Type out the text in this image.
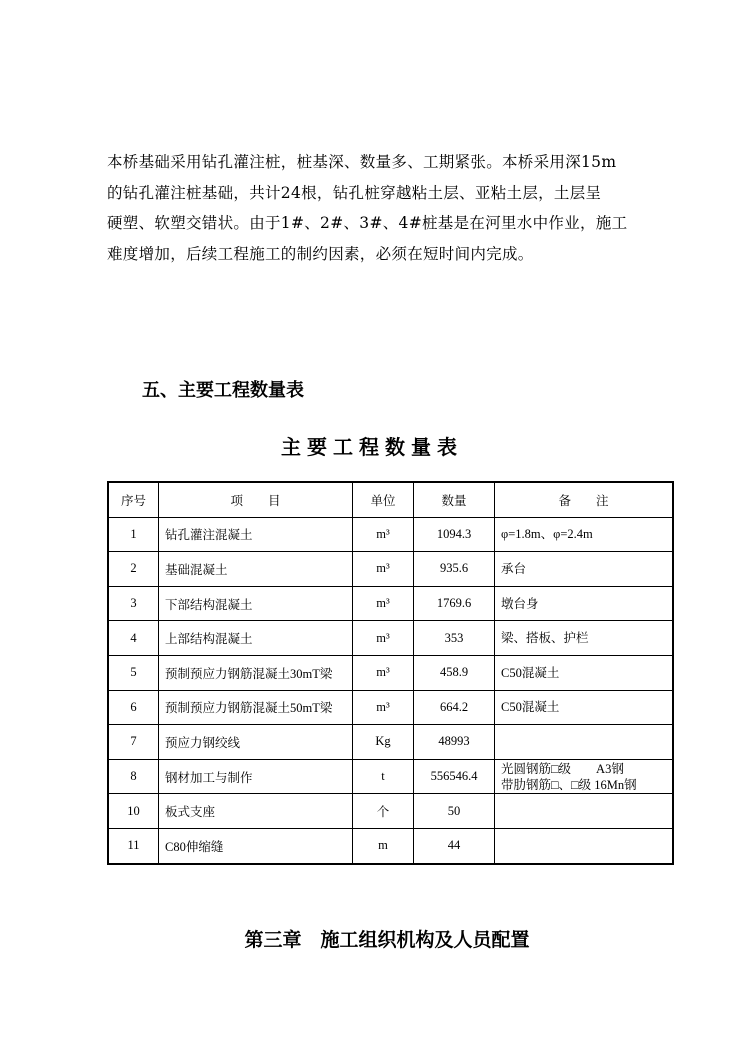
本桥基础采用钻孔灌注桩，桩基深、数量多、工期紧张。本桥采用深15m
的钻孔灌注桩基础，共计24根，钻孔桩穿越粘土层、亚粘土层，土层呈
硬塑、软塑交错状。由于1#、2#、3#、4#桩基是在河里水中作业，施工
难度增加，后续工程施工的制约因素，必须在短时间内完成。
五、主要工程数量表
主要工程数量表
序号	项　　目	单位	数量	备　　注
1	钻孔灌注混凝土	m³	1094.3	φ=1.8m、φ=2.4m

2	基础混凝土	m³	935.6	承台

3	下部结构混凝土	m³	1769.6	墩台身

4	上部结构混凝土	m³	353	梁、搭板、护栏

5	预制预应力钢筋混凝土30mT梁	m³	458.9	C50混凝土

6	预制预应力钢筋混凝土50mT梁	m³	664.2	C50混凝土

7	预应力钢绞线	Kg	48993	

8	钢材加工与制作	t	556546.4	光圆钢筋□级　　A3钢
带肋钢筋□、□级 16Mn钢

10	板式支座	个	50	

11	C80伸缩缝	m	44	
第三章　施工组织机构及人员配置
